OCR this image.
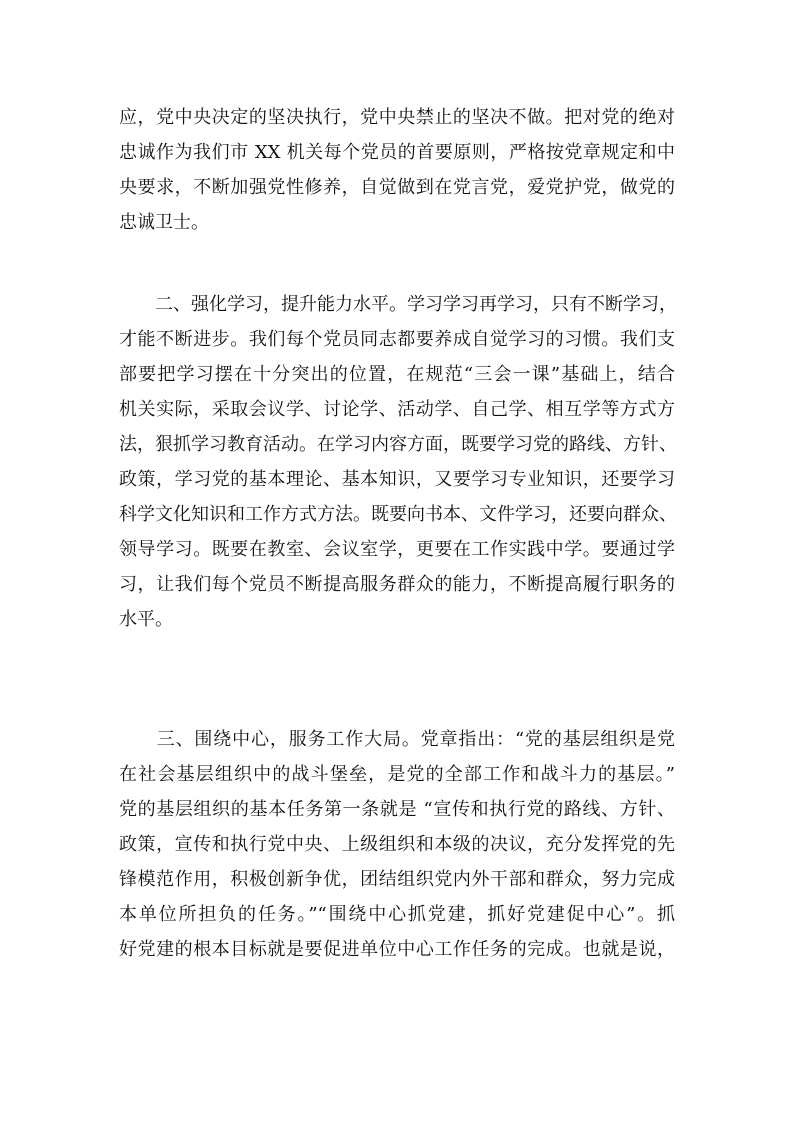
应，党中央决定的坚决执行，党中央禁止的坚决不做。把对党的绝对
忠诚作为我们市 XX 机关每个党员的首要原则，严格按党章规定和中
央要求，不断加强党性修养，自觉做到在党言党，爱党护党，做党的
忠诚卫士。
　　二、强化学习，提升能力水平。学习学习再学习，只有不断学习，
才能不断进步。我们每个党员同志都要养成自觉学习的习惯。我们支
部要把学习摆在十分突出的位置，在规范“三会一课”基础上，结合
机关实际，采取会议学、讨论学、活动学、自己学、相互学等方式方
法，狠抓学习教育活动。在学习内容方面，既要学习党的路线、方针、
政策，学习党的基本理论、基本知识，又要学习专业知识，还要学习
科学文化知识和工作方式方法。既要向书本、文件学习，还要向群众、
领导学习。既要在教室、会议室学，更要在工作实践中学。要通过学
习，让我们每个党员不断提高服务群众的能力，不断提高履行职务的
水平。
　　三、围绕中心，服务工作大局。党章指出：“党的基层组织是党
在社会基层组织中的战斗堡垒，是党的全部工作和战斗力的基层。”
党的基层组织的基本任务第一条就是 “宣传和执行党的路线、方针、
政策，宣传和执行党中央、上级组织和本级的决议，充分发挥党的先
锋模范作用，积极创新争优，团结组织党内外干部和群众，努力完成
本单位所担负的任务。”“围绕中心抓党建，抓好党建促中心”。抓
好党建的根本目标就是要促进单位中心工作任务的完成。也就是说，
